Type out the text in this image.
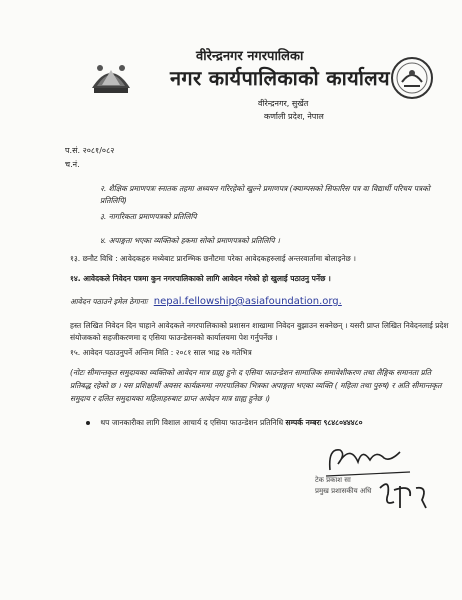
वीरेन्द्रनगर नगरपालिका
नगर कार्यपालिकाको कार्यालय
वीरेन्द्रनगर, सुर्खेत
कर्णाली प्रदेश, नेपाल
प.सं. २०८१/०८२
च.नं.
२. शैक्षिक प्रमाणपत्रः स्नातक तहमा अध्ययन गरिरहेको खुल्ने प्रमाणपत्र (क्याम्पसको सिफारिस पत्र वा विद्यार्थी परिचय पत्रको प्रतिलिपि)
३. नागरिकता प्रमाणपत्रको प्रतिलिपि
४. अपाङ्गता भएका व्यक्तिको हकमा सोको प्रमाणपत्रको प्रतिलिपि ।
१३. छनौट विधि : आवेदकहरु मध्येबाट प्रारम्भिक छनौटमा परेका आवेदकहरुलाई अन्तरवार्तामा बोलाइनेछ ।
१४. आवेदकले निवेदन पत्रमा कुन नगरपालिकाको लागि आवेदन गरेको हो खुलाई पठाउनु पर्नेछ ।
आवेदन पठाउने इमेल ठेगानाः nepal.fellowship@asiafoundation.org.
हस्त लिखित निवेदन दिन चाहाने आवेदकले नगरपालिकाको प्रशासन शाखामा निवेदन बुझाउन सक्नेछन् । यसरी प्राप्त लिखित निवेदनलाई प्रदेश संयोजकको सहजीकरणमा द एसिया फाउन्डेसनको कार्यालयमा पेश गर्नुपर्नेछ ।
१५. आवेदन पठाउनुपर्ने अन्तिम मिति : २०८१ साल भाद्र २७ गतेभित्र
(नोटः सीमान्तकृत समुदायका व्यक्तिको आवेदन मात्र ग्राह्य हुनेः द एसिया फाउन्डेशन सामाजिक समावेशीकरण तथा लैङ्गिक समानता प्रति प्रतिबद्ध रहेको छ । यस प्रशिक्षार्थी अवसर कार्यक्रममा नगरपालिका भित्रका अपाङ्गता भएका व्यक्ति ( महिला तथा पुरुष) र अति सीमान्तकृत समुदाय र दलित समुदायका महिलाहरुबाट प्राप्त आवेदन मात्र ग्राह्य हुनेछ ।)
थप जानकारीका लागि विशाल आचार्य द एसिया फाउन्डेशन प्रतिनिधि सम्पर्क नम्बरः ९८४८०४४४८०
टेक प्रकाश सा
प्रमुख प्रशासकीय अधि
